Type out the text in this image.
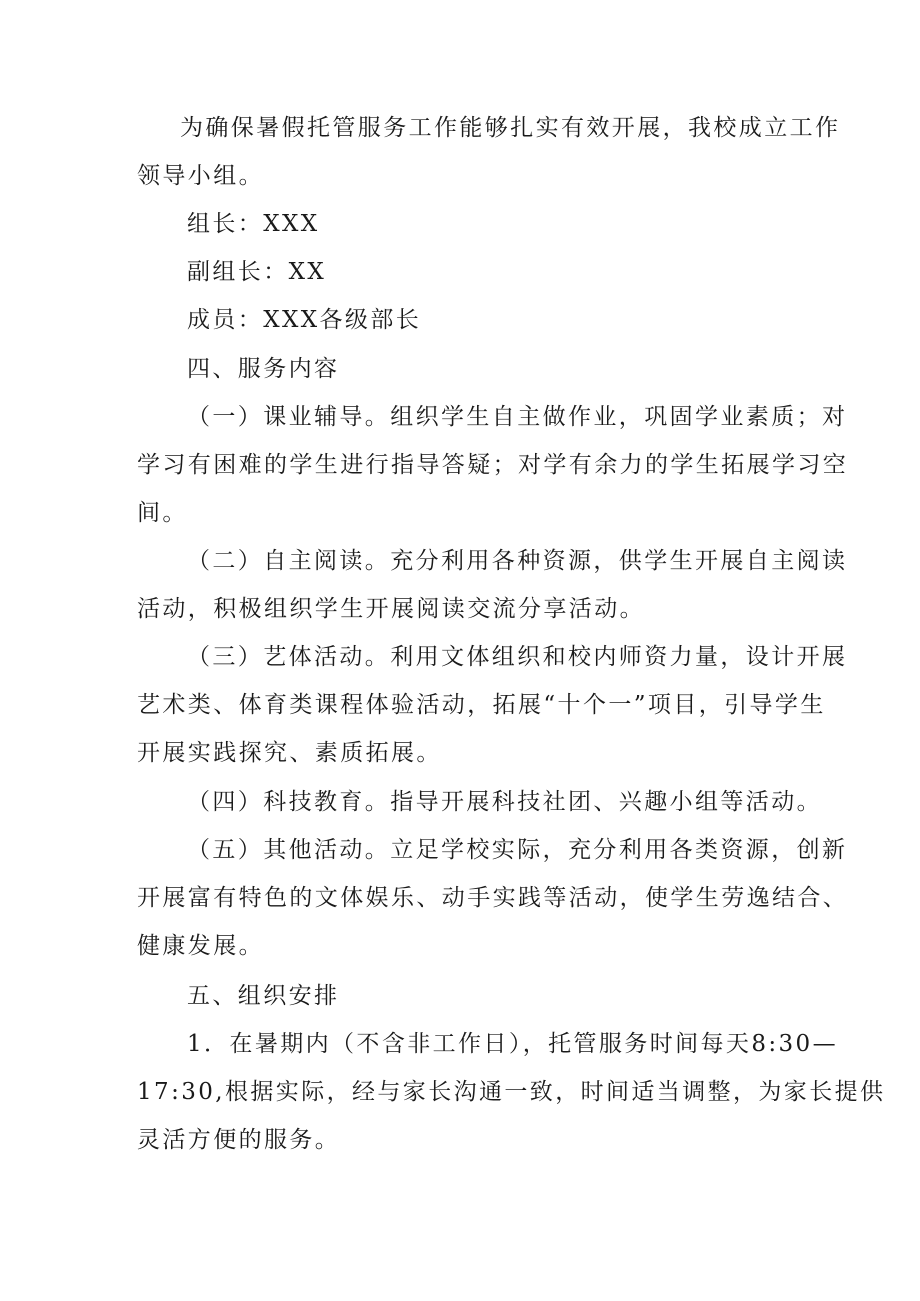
为确保暑假托管服务工作能够扎实有效开展，我校成立工作
领导小组。
组长：XXX
副组长：XX
成员：XXX各级部长
四、服务内容
（一）课业辅导。组织学生自主做作业，巩固学业素质；对
学习有困难的学生进行指导答疑；对学有余力的学生拓展学习空
间。
（二）自主阅读。充分利用各种资源，供学生开展自主阅读
活动，积极组织学生开展阅读交流分享活动。
（三）艺体活动。利用文体组织和校内师资力量，设计开展
艺术类、体育类课程体验活动，拓展“十个一”项目，引导学生
开展实践探究、素质拓展。
（四）科技教育。指导开展科技社团、兴趣小组等活动。
（五）其他活动。立足学校实际，充分利用各类资源，创新
开展富有特色的文体娱乐、动手实践等活动，使学生劳逸结合、
健康发展。
五、组织安排
1．在暑期内（不含非工作日），托管服务时间每天8:30—
17:30,根据实际，经与家长沟通一致，时间适当调整，为家长提供
灵活方便的服务。
